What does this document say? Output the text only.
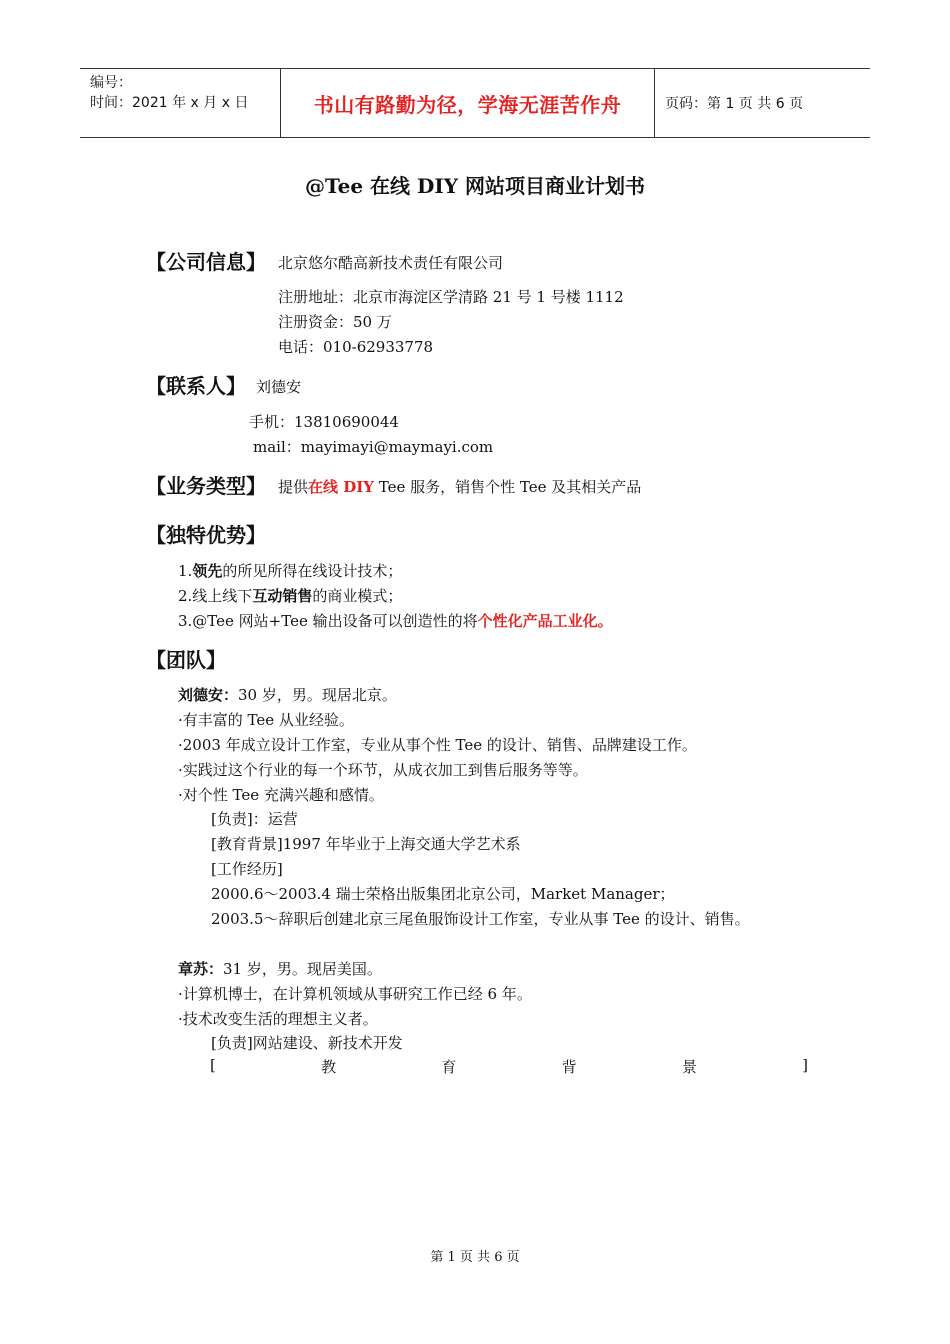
编号：
时间：2021 年 x 月 x 日	书山有路勤为径，学海无涯苦作舟	页码：第 1 页 共 6 页
@Tee 在线 DIY 网站项目商业计划书
【公司信息】 北京悠尔酷高新技术责任有限公司
注册地址：北京市海淀区学清路 21 号 1 号楼 1112
注册资金：50 万
电话：010-62933778
【联系人】 刘德安
手机：13810690044
mail：mayimayi@maymayi.com
【业务类型】 提供在线 DIY Tee 服务，销售个性 Tee 及其相关产品
【独特优势】
1.领先的所见所得在线设计技术；
2.线上线下互动销售的商业模式；
3.@Tee 网站+Tee 输出设备可以创造性的将个性化产品工业化。
【团队】
刘德安：30 岁，男。现居北京。
·有丰富的 Tee 从业经验。
·2003 年成立设计工作室，专业从事个性 Tee 的设计、销售、品牌建设工作。
·实践过这个行业的每一个环节，从成衣加工到售后服务等等。
·对个性 Tee 充满兴趣和感情。
[负责]：运营
[教育背景]1997 年毕业于上海交通大学艺术系
[工作经历]
2000.6～2003.4 瑞士荣格出版集团北京公司，Market Manager；
2003.5～辞职后创建北京三尾鱼服饰设计工作室，专业从事 Tee 的设计、销售。
章苏：31 岁，男。现居美国。
·计算机博士，在计算机领域从事研究工作已经 6 年。
·技术改变生活的理想主义者。
[负责]网站建设、新技术开发
[	教	育	背	景	]
第 1 页 共 6 页
